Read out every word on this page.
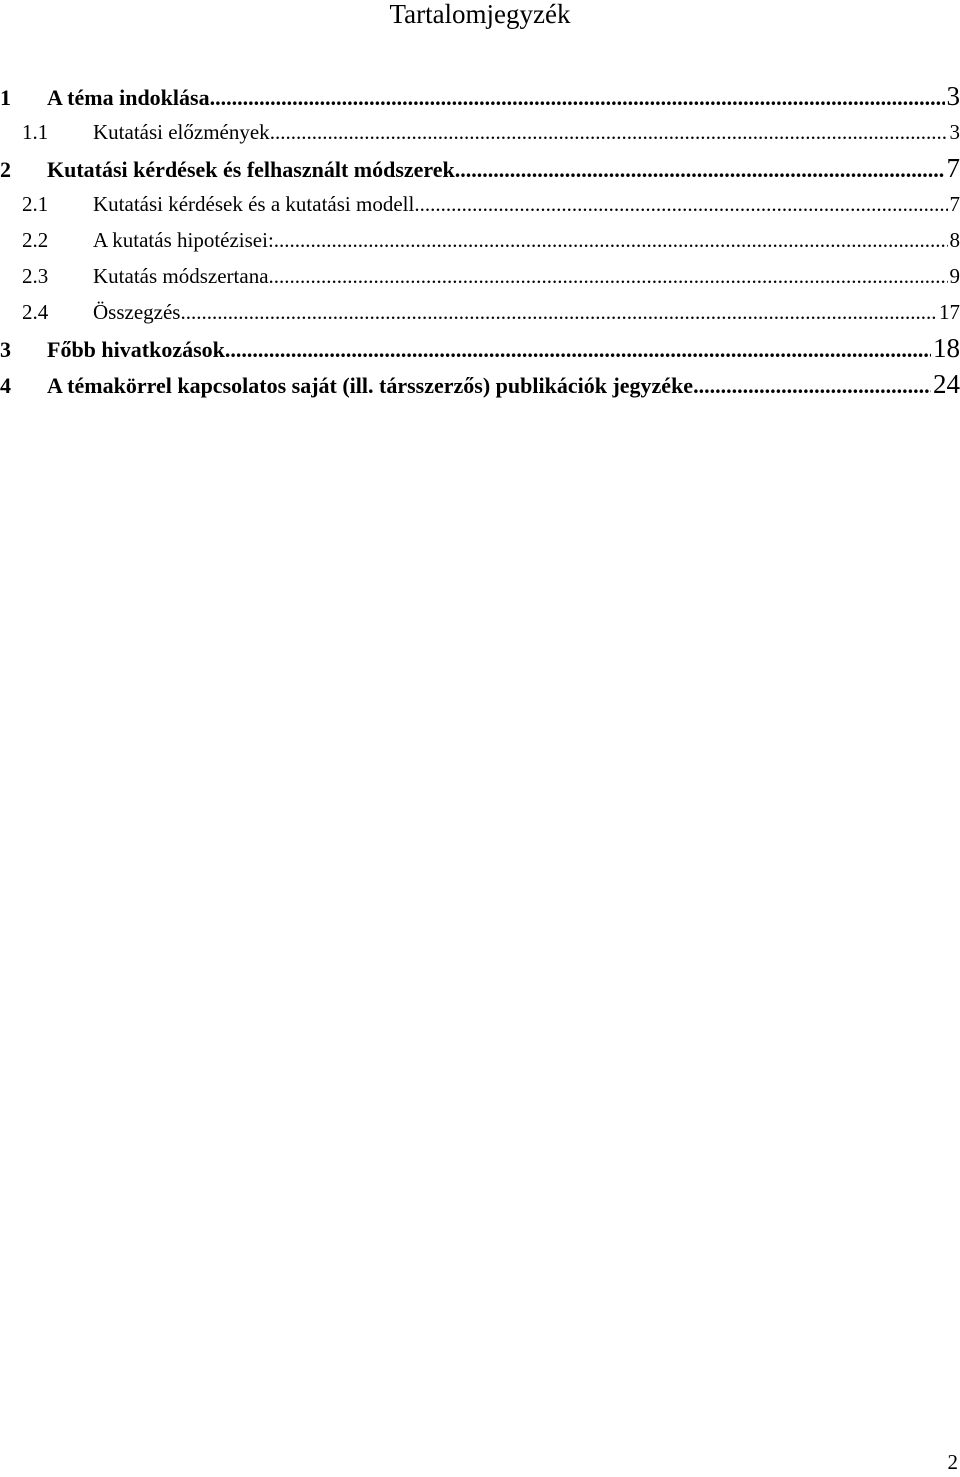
Tartalomjegyzék
1	A téma indoklása .....	3
1.1	Kutatási előzmények .....	3
2	Kutatási kérdések és felhasznált módszerek .....	7
2.1	Kutatási kérdések és a kutatási modell .....	7
2.2	A kutatás hipotézisei: .....	8
2.3	Kutatás módszertana .....	9
2.4	Összegzés .....	17
3	Főbb hivatkozások .....	18
4	A témakörrel kapcsolatos saját (ill. társszerzős) publikációk jegyzéke .....	24
2
